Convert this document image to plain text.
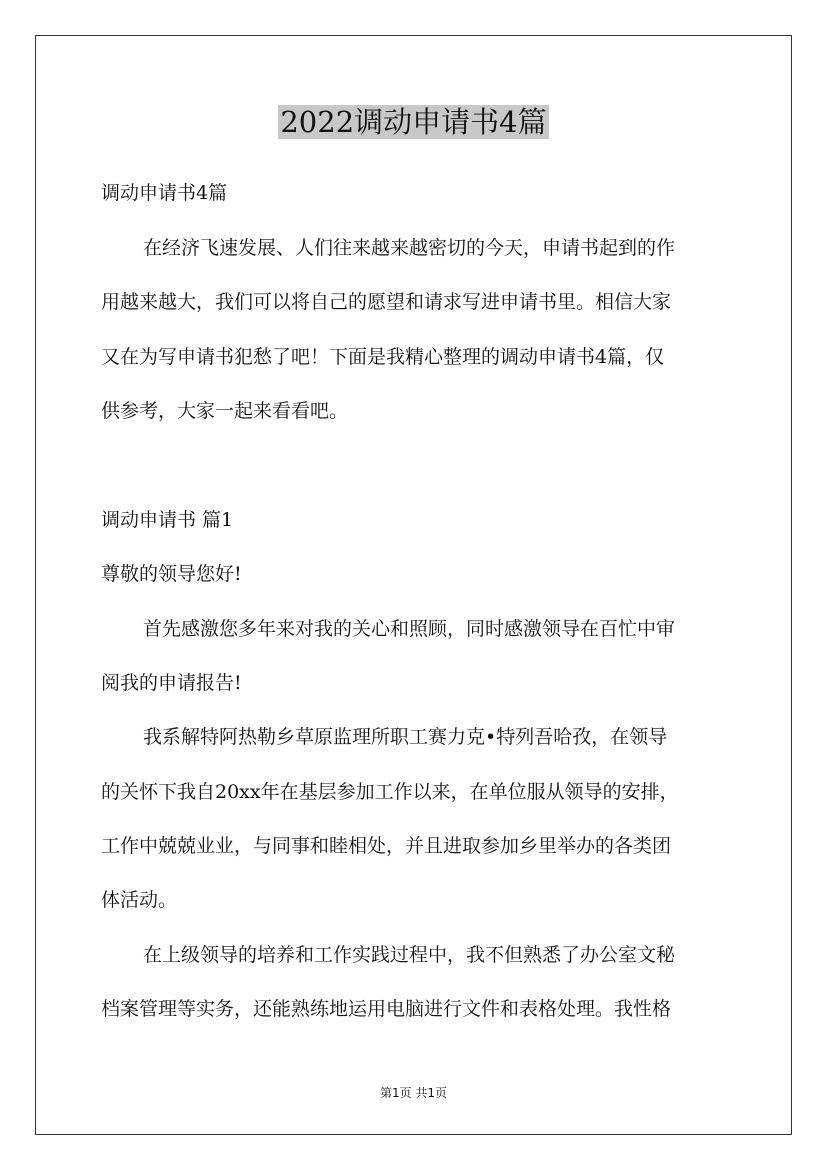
2022调动申请书4篇
调动申请书4篇
在经济飞速发展、人们往来越来越密切的今天，申请书起到的作
用越来越大，我们可以将自己的愿望和请求写进申请书里。相信大家
又在为写申请书犯愁了吧！下面是我精心整理的调动申请书4篇，仅
供参考，大家一起来看看吧。
调动申请书 篇1
尊敬的领导您好!
首先感激您多年来对我的关心和照顾，同时感激领导在百忙中审
阅我的申请报告!
我系解特阿热勒乡草原监理所职工赛力克•特列吾哈孜，在领导
的关怀下我自20xx年在基层参加工作以来，在单位服从领导的安排，
工作中兢兢业业，与同事和睦相处，并且进取参加乡里举办的各类团
体活动。
在上级领导的培养和工作实践过程中，我不但熟悉了办公室文秘
档案管理等实务，还能熟练地运用电脑进行文件和表格处理。我性格
第1页 共1页
